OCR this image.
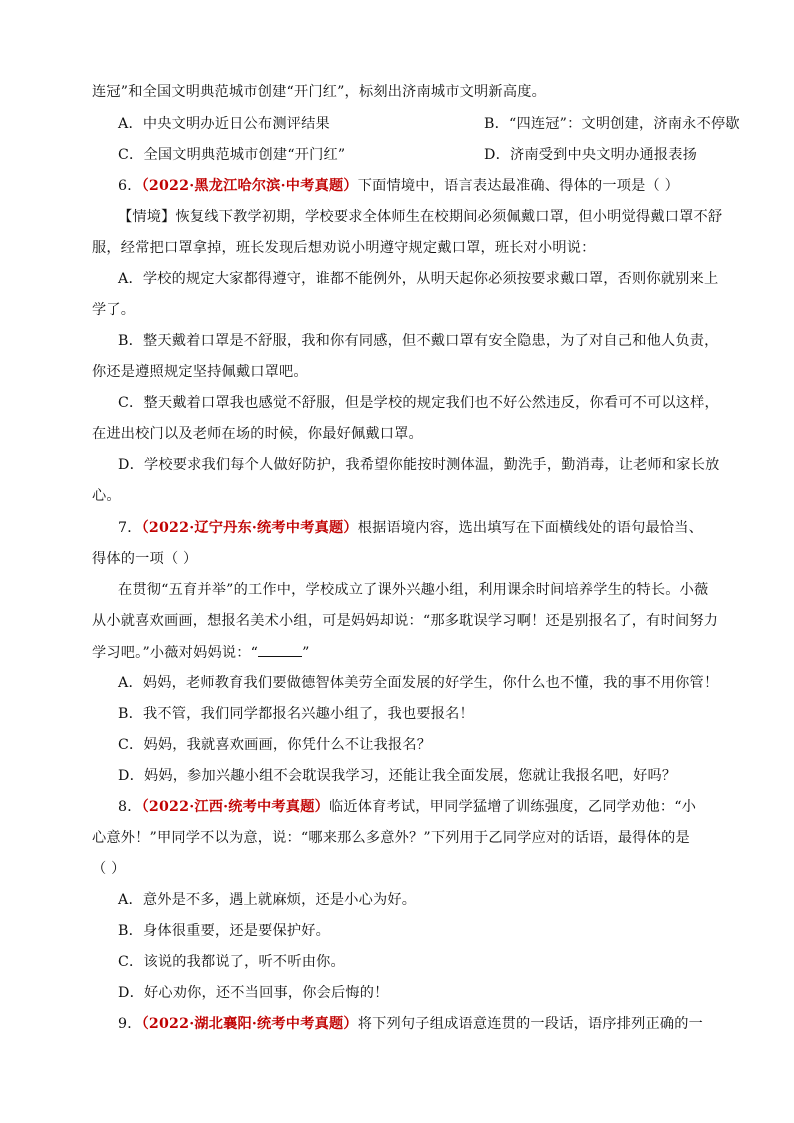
连冠”和全国文明典范城市创建“开门红”，标刻出济南城市文明新高度。
A．中央文明办近日公布测评结果	B．“四连冠”：文明创建，济南永不停歇
C．全国文明典范城市创建“开门红”	D．济南受到中央文明办通报表扬
6．（2022·黑龙江哈尔滨·中考真题）下面情境中，语言表达最准确、得体的一项是（ ）
【情境】恢复线下教学初期，学校要求全体师生在校期间必须佩戴口罩，但小明觉得戴口罩不舒
服，经常把口罩拿掉，班长发现后想劝说小明遵守规定戴口罩，班长对小明说：
A．学校的规定大家都得遵守，谁都不能例外，从明天起你必须按要求戴口罩，否则你就别来上
学了。
B．整天戴着口罩是不舒服，我和你有同感，但不戴口罩有安全隐患，为了对自己和他人负责，
你还是遵照规定坚持佩戴口罩吧。
C．整天戴着口罩我也感觉不舒服，但是学校的规定我们也不好公然违反，你看可不可以这样，
在进出校门以及老师在场的时候，你最好佩戴口罩。
D．学校要求我们每个人做好防护，我希望你能按时测体温，勤洗手，勤消毒，让老师和家长放
心。
7．（2022·辽宁丹东·统考中考真题）根据语境内容，选出填写在下面横线处的语句最恰当、
得体的一项（ ）
在贯彻“五育并举”的工作中，学校成立了课外兴趣小组，利用课余时间培养学生的特长。小薇
从小就喜欢画画，想报名美术小组，可是妈妈却说：“那多耽误学习啊！还是别报名了，有时间努力
学习吧。”小薇对妈妈说：“	”
A．妈妈，老师教育我们要做德智体美劳全面发展的好学生，你什么也不懂，我的事不用你管！
B．我不管，我们同学都报名兴趣小组了，我也要报名！
C．妈妈，我就喜欢画画，你凭什么不让我报名？
D．妈妈，参加兴趣小组不会耽误我学习，还能让我全面发展，您就让我报名吧，好吗？
8．（2022·江西·统考中考真题）临近体育考试，甲同学猛增了训练强度，乙同学劝他：“小
心意外！”甲同学不以为意，说：“哪来那么多意外？”下列用于乙同学应对的话语，最得体的是
（ ）
A．意外是不多，遇上就麻烦，还是小心为好。
B．身体很重要，还是要保护好。
C．该说的我都说了，听不听由你。
D．好心劝你，还不当回事，你会后悔的！
9．（2022·湖北襄阳·统考中考真题）将下列句子组成语意连贯的一段话，语序排列正确的一
